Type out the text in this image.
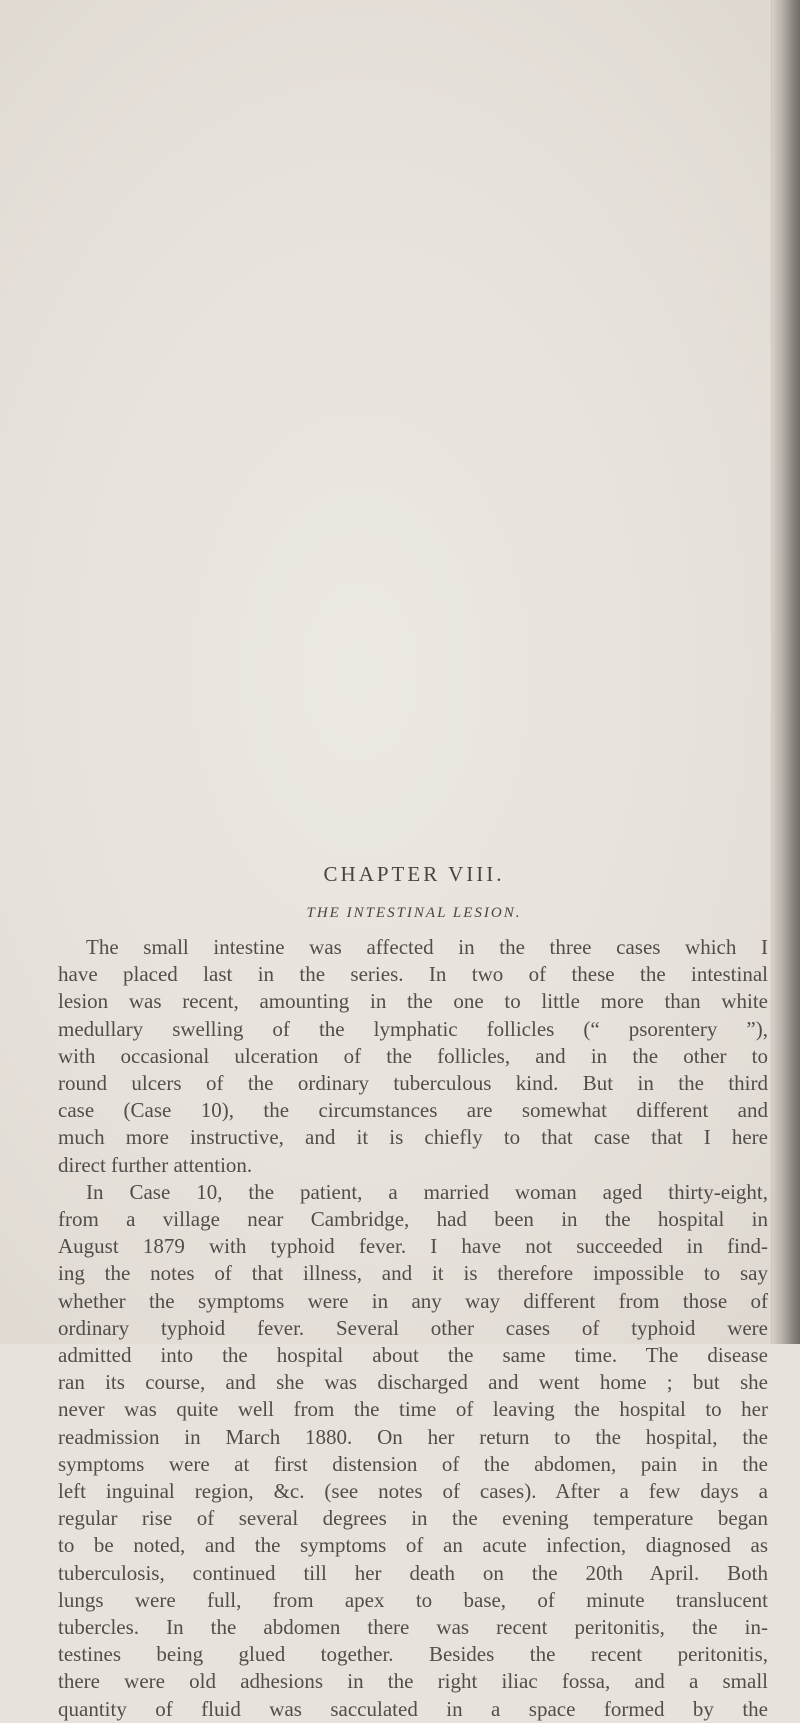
CHAPTER VIII.
THE INTESTINAL LESION.
The small intestine was affected in the three cases which I
have placed last in the series. In two of these the intestinal
lesion was recent, amounting in the one to little more than white
medullary swelling of the lymphatic follicles (“ psorentery ”),
with occasional ulceration of the follicles, and in the other to
round ulcers of the ordinary tuberculous kind. But in the third
case (Case 10), the circumstances are somewhat different and
much more instructive, and it is chiefly to that case that I here
direct further attention.
In Case 10, the patient, a married woman aged thirty-eight,
from a village near Cambridge, had been in the hospital in
August 1879 with typhoid fever. I have not succeeded in find-
ing the notes of that illness, and it is therefore impossible to say
whether the symptoms were in any way different from those of
ordinary typhoid fever. Several other cases of typhoid were
admitted into the hospital about the same time. The disease
ran its course, and she was discharged and went home ; but she
never was quite well from the time of leaving the hospital to her
readmission in March 1880. On her return to the hospital, the
symptoms were at first distension of the abdomen, pain in the
left inguinal region, &c. (see notes of cases). After a few days a
regular rise of several degrees in the evening temperature began
to be noted, and the symptoms of an acute infection, diagnosed as
tuberculosis, continued till her death on the 20th April. Both
lungs were full, from apex to base, of minute translucent
tubercles. In the abdomen there was recent peritonitis, the in-
testines being glued together. Besides the recent peritonitis,
there were old adhesions in the right iliac fossa, and a small
quantity of fluid was sacculated in a space formed by the
